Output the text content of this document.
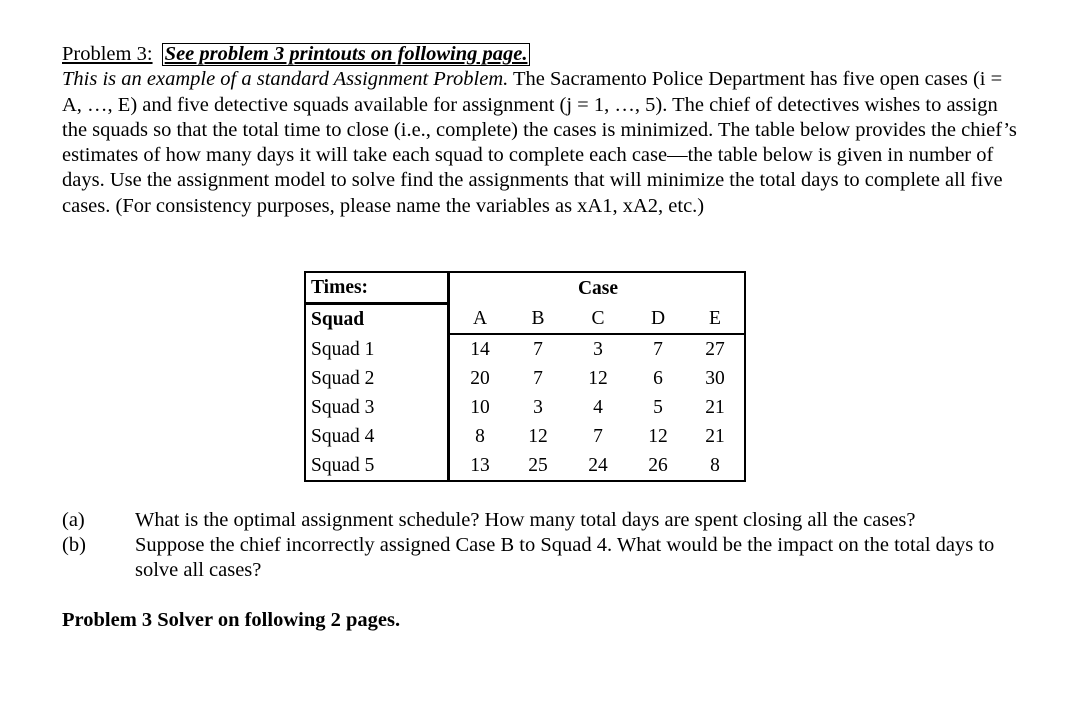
Problem 3: See problem 3 printouts on following page.
This is an example of a standard Assignment Problem. The Sacramento Police Department has five open cases (i = A, …, E) and five detective squads available for assignment (j = 1, …, 5). The chief of detectives wishes to assign the squads so that the total time to close (i.e., complete) the cases is minimized. The table below provides the chief’s estimates of how many days it will take each squad to complete each case—the table below is given in number of days. Use the assignment model to solve find the assignments that will minimize the total days to complete all five cases. (For consistency purposes, please name the variables as xA1, xA2, etc.)
Times:			Case		
Squad	A	B	C	D	E
Squad 1	14	7	3	7	27
Squad 2	20	7	12	6	30
Squad 3	10	3	4	5	21
Squad 4	8	12	7	12	21
Squad 5	13	25	24	26	8
(a)	What is the optimal assignment schedule? How many total days are spent closing all the cases?
(b)	Suppose the chief incorrectly assigned Case B to Squad 4. What would be the impact on the total days to solve all cases?
Problem 3 Solver on following 2 pages.
